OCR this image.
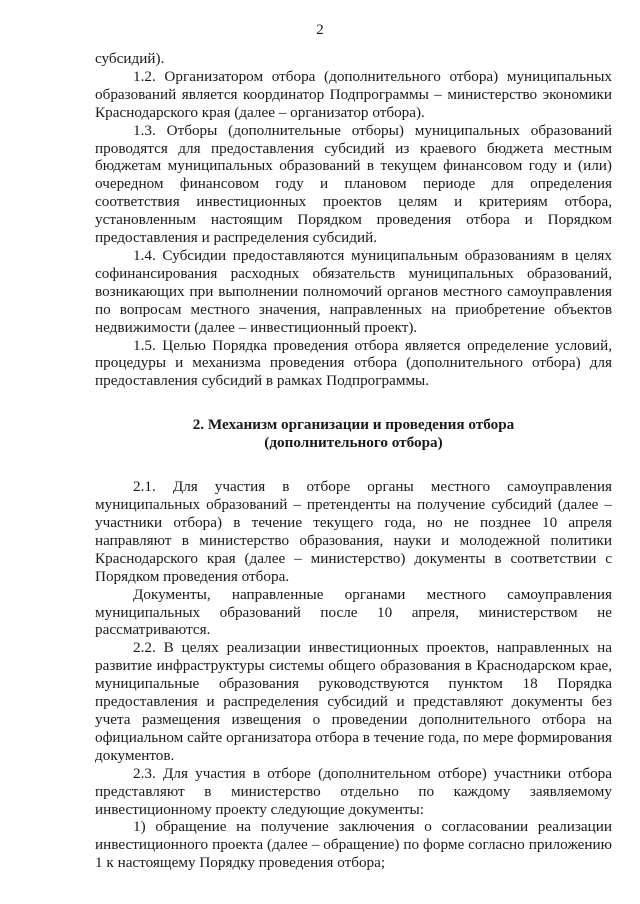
2

субсидий).

1.2. Организатором отбора (дополнительного отбора) муниципальных образований является координатор Подпрограммы – министерство экономики Краснодарского края (далее – организатор отбора).

1.3. Отборы (дополнительные отборы) муниципальных образований проводятся для предоставления субсидий из краевого бюджета местным бюджетам муниципальных образований в текущем финансовом году и (или) очередном финансовом году и плановом периоде для определения соответствия инвестиционных проектов целям и критериям отбора, установленным настоящим Порядком проведения отбора и Порядком предоставления и распределения субсидий.

1.4. Субсидии предоставляются муниципальным образованиям в целях софинансирования расходных обязательств муниципальных образований, возникающих при выполнении полномочий органов местного самоуправления по вопросам местного значения, направленных на приобретение объектов недвижимости (далее – инвестиционный проект).

1.5. Целью Порядка проведения отбора является определение условий, процедуры и механизма проведения отбора (дополнительного отбора) для предоставления субсидий в рамках Подпрограммы.

2. Механизм организации и проведения отбора
(дополнительного отбора)

2.1. Для участия в отборе органы местного самоуправления муниципальных образований – претенденты на получение субсидий (далее – участники отбора) в течение текущего года, но не позднее 10 апреля направляют в министерство образования, науки и молодежной политики Краснодарского края (далее – министерство) документы в соответствии с Порядком проведения отбора.

Документы, направленные органами местного самоуправления муниципальных образований после 10 апреля, министерством не рассматриваются.

2.2. В целях реализации инвестиционных проектов, направленных на развитие инфраструктуры системы общего образования в Краснодарском крае, муниципальные образования руководствуются пунктом 18 Порядка предоставления и распределения субсидий и представляют документы без учета размещения извещения о проведении дополнительного отбора на официальном сайте организатора отбора в течение года, по мере формирования документов.

2.3. Для участия в отборе (дополнительном отборе) участники отбора представляют в министерство отдельно по каждому заявляемому инвестиционному проекту следующие документы:

1) обращение на получение заключения о согласовании реализации инвестиционного проекта (далее – обращение) по форме согласно приложению 1 к настоящему Порядку проведения отбора;
